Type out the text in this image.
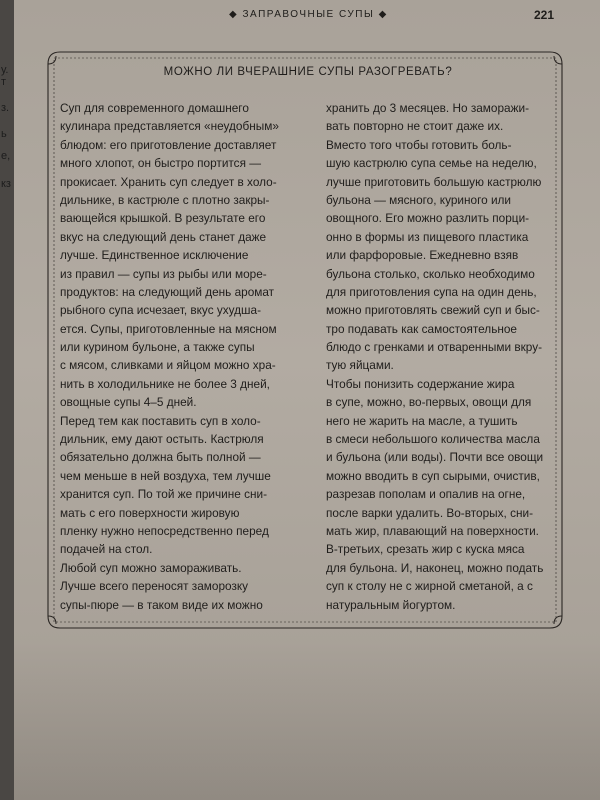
у.
т
з.
ь
е,
кз
◆ ЗАПРАВОЧНЫЕ СУПЫ ◆	221
МОЖНО ЛИ ВЧЕРАШНИЕ СУПЫ РАЗОГРЕВАТЬ?
Суп для современного домашнего
кулинара представляется «неудобным»
блюдом: его приготовление доставляет
много хлопот, он быстро портится —
прокисает. Хранить суп следует в холо-
дильнике, в кастрюле с плотно закры-
вающейся крышкой. В результате его
вкус на следующий день станет даже
лучше. Единственное исключение
из правил — супы из рыбы или море-
продуктов: на следующий день аромат
рыбного супа исчезает, вкус ухудша-
ется. Супы, приготовленные на мясном
или курином бульоне, а также супы
с мясом, сливками и яйцом можно хра-
нить в холодильнике не более 3 дней,
овощные супы 4–5 дней.
Перед тем как поставить суп в холо-
дильник, ему дают остыть. Кастрюля
обязательно должна быть полной —
чем меньше в ней воздуха, тем лучше
хранится суп. По той же причине сни-
мать с его поверхности жировую
пленку нужно непосредственно перед
подачей на стол.
Любой суп можно замораживать.
Лучше всего переносят заморозку
супы-пюре — в таком виде их можно
хранить до 3 месяцев. Но заморажи-
вать повторно не стоит даже их.
Вместо того чтобы готовить боль-
шую кастрюлю супа семье на неделю,
лучше приготовить большую кастрюлю
бульона — мясного, куриного или
овощного. Его можно разлить порци-
онно в формы из пищевого пластика
или фарфоровые. Ежедневно взяв
бульона столько, сколько необходимо
для приготовления супа на один день,
можно приготовлять свежий суп и быс-
тро подавать как самостоятельное
блюдо с гренками и отваренными вкру-
тую яйцами.
Чтобы понизить содержание жира
в супе, можно, во-первых, овощи для
него не жарить на масле, а тушить
в смеси небольшого количества масла
и бульона (или воды). Почти все овощи
можно вводить в суп сырыми, очистив,
разрезав пополам и опалив на огне,
после варки удалить. Во-вторых, сни-
мать жир, плавающий на поверхности.
В-третьих, срезать жир с куска мяса
для бульона. И, наконец, можно подать
суп к столу не с жирной сметаной, а с
натуральным йогуртом.
